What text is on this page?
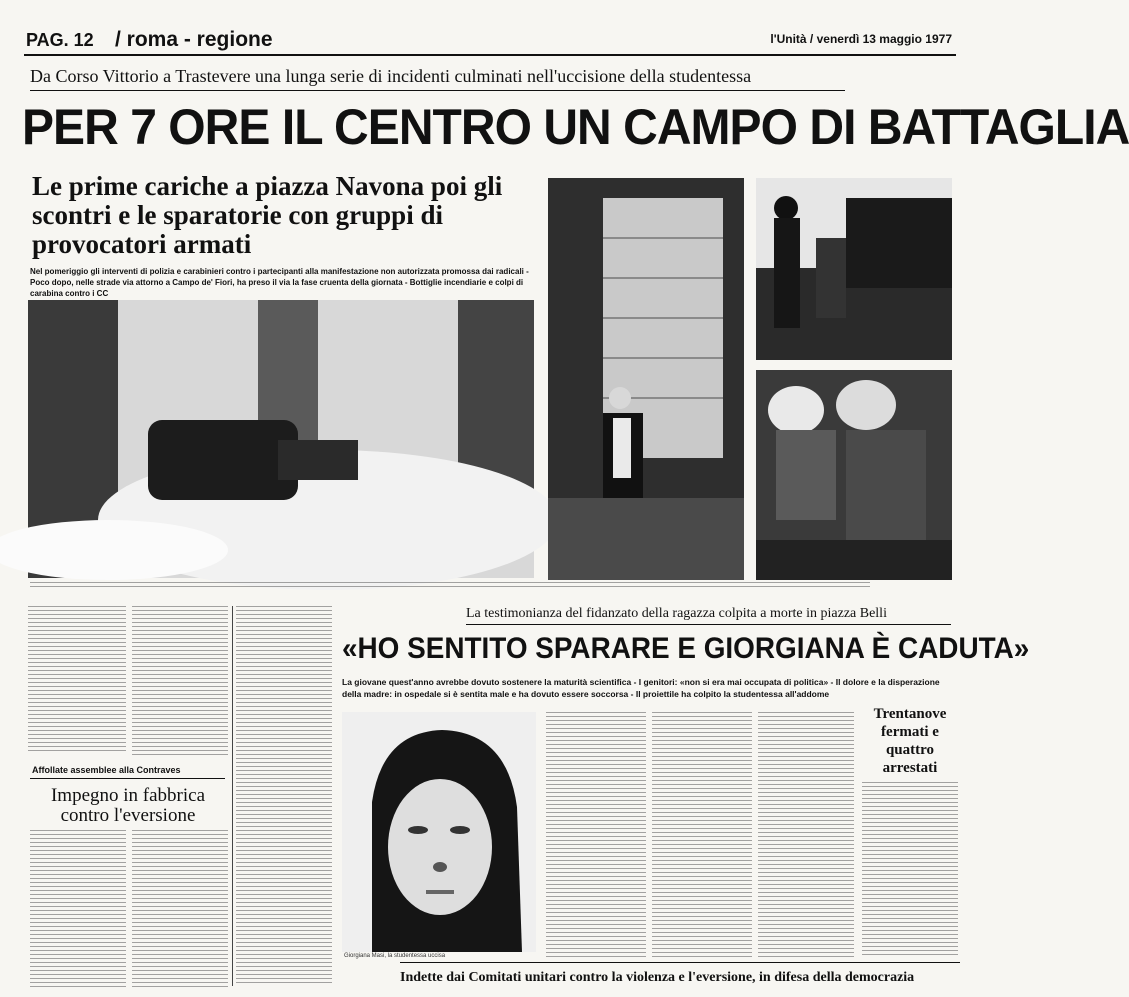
PAG. 12 / roma - regione	l'Unità / venerdì 13 maggio 1977
Da Corso Vittorio a Trastevere una lunga serie di incidenti culminati nell'uccisione della studentessa
PER 7 ORE IL CENTRO UN CAMPO DI BATTAGLIA
Le prime cariche a piazza Navona poi gli scontri e le sparatorie con gruppi di provocatori armati
Nel pomeriggio gli interventi di polizia e carabinieri contro i partecipanti alla manifestazione non autorizzata promossa dai radicali - Poco dopo, nelle strade via attorno a Campo de' Fiori, ha preso il via la fase cruenta della giornata - Bottiglie incendiarie e colpi di carabina contro i CC
La testimonianza del fidanzato della ragazza colpita a morte in piazza Belli
«HO SENTITO SPARARE E GIORGIANA È CADUTA»
La giovane quest'anno avrebbe dovuto sostenere la maturità scientifica - I genitori: «non si era mai occupata di politica» - Il dolore e la disperazione della madre: in ospedale si è sentita male e ha dovuto essere soccorsa - Il proiettile ha colpito la studentessa all'addome
Affollate assemblee alla Contraves
Impegno in fabbrica contro l'eversione
Giorgiana Masi, la studentessa uccisa
Trentanove fermati e quattro arrestati
Indette dai Comitati unitari contro la violenza e l'eversione, in difesa della democrazia
